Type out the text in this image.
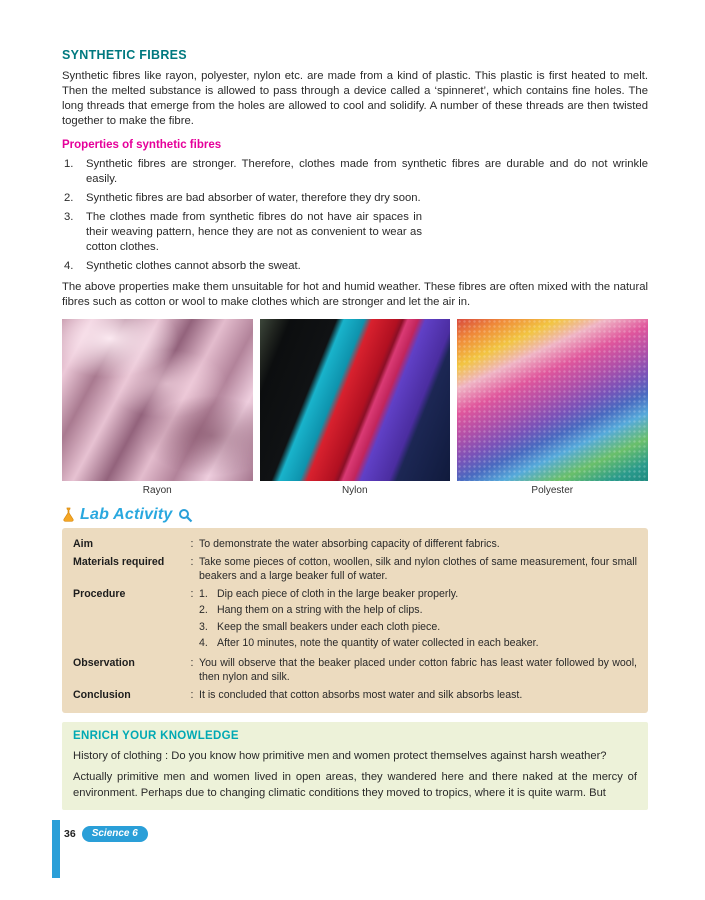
SYNTHETIC FIBRES

Synthetic fibres like rayon, polyester, nylon etc. are made from a kind of plastic. This plastic is first heated to melt. Then the melted substance is allowed to pass through a device called a ‘spinneret’, which contains fine holes. The long threads that emerge from the holes are allowed to cool and solidify. A number of these threads are then twisted together to make the fibre.

Properties of synthetic fibres
Synthetic fibres are stronger. Therefore, clothes made from synthetic fibres are durable and do not wrinkle easily.
Synthetic fibres are bad absorber of water, therefore they dry soon.
The clothes made from synthetic fibres do not have air spaces in their weaving pattern, hence they are not as convenient to wear as cotton clothes.
Synthetic clothes cannot absorb the sweat.

The above properties make them unsuitable for hot and humid weather. These fibres are often mixed with the natural fibres such as cotton or wool to make clothes which are stronger and let the air in.

Rayon	Nylon	Polyester
Lab Activity
Aim :	To demonstrate the water absorbing capacity of different fabrics.
Materials required :	Take some pieces of cotton, woollen, silk and nylon clothes of same measurement, four small beakers and a large beaker full of water.
Procedure :	Dip each piece of cloth in the large beaker properly.
Hang them on a string with the help of clips.
Keep the small beakers under each cloth piece.
After 10 minutes, note the quantity of water collected in each beaker.
Observation :	You will observe that the beaker placed under cotton fabric has least water followed by wool, then nylon and silk.
Conclusion :	It is concluded that cotton absorbs most water and silk absorbs least.
ENRICH YOUR KNOWLEDGE

History of clothing : Do you know how primitive men and women protect themselves against harsh weather?

Actually primitive men and women lived in open areas, they wandered here and there naked at the mercy of environment. Perhaps due to changing climatic conditions they moved to tropics, where it is quite warm. But

36	Science 6
